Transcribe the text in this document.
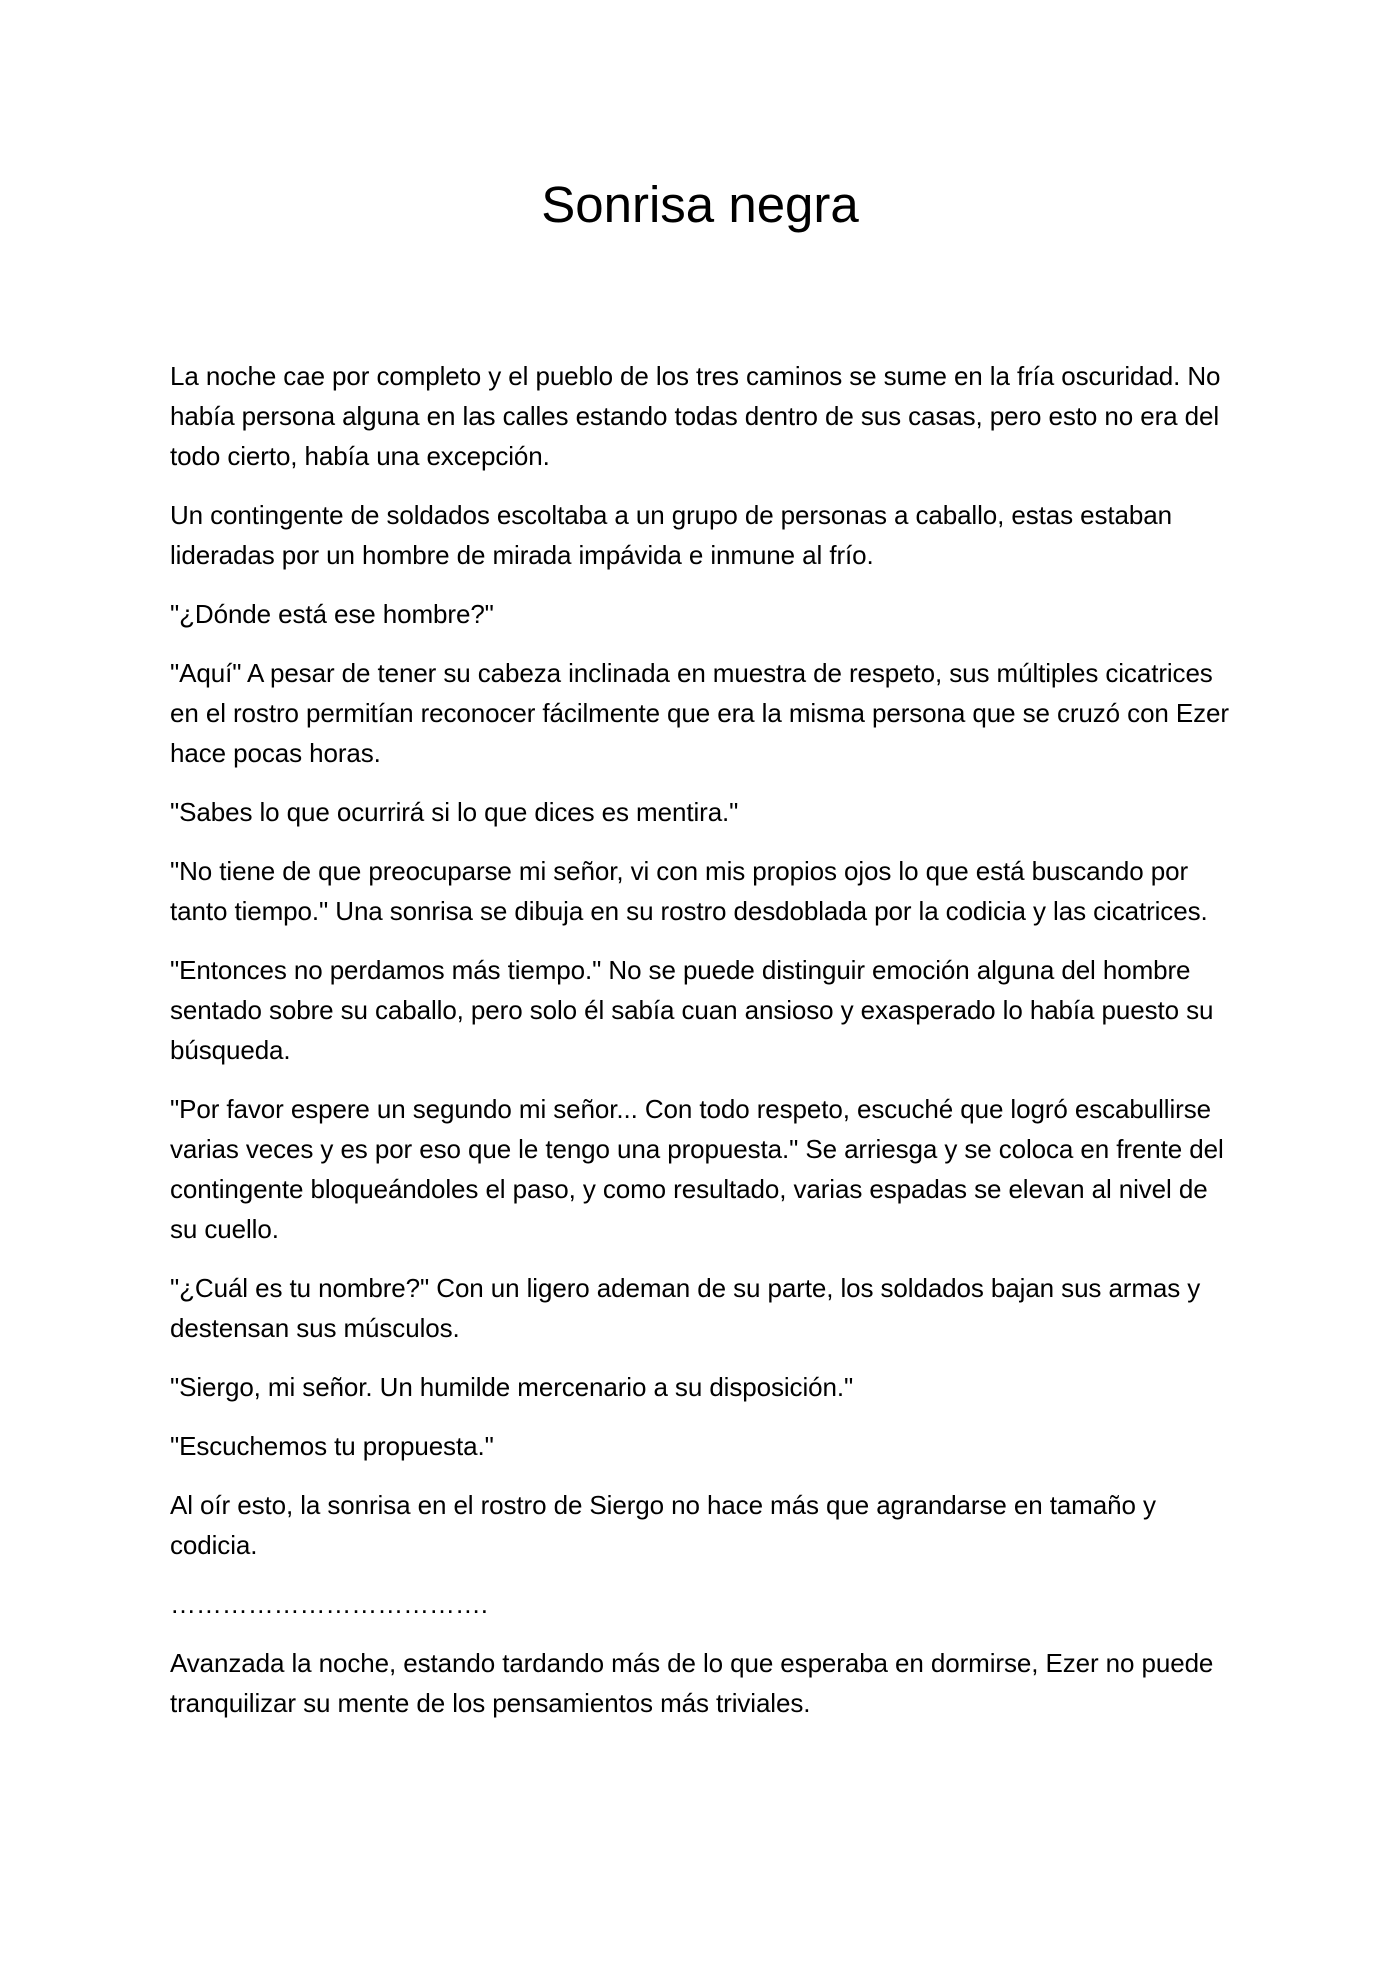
Sonrisa negra

La noche cae por completo y el pueblo de los tres caminos se sume en la fría oscuridad. No había persona alguna en las calles estando todas dentro de sus casas, pero esto no era del todo cierto, había una excepción.

Un contingente de soldados escoltaba a un grupo de personas a caballo, estas estaban lideradas por un hombre de mirada impávida e inmune al frío.

"¿Dónde está ese hombre?"

"Aquí" A pesar de tener su cabeza inclinada en muestra de respeto, sus múltiples cicatrices en el rostro permitían reconocer fácilmente que era la misma persona que se cruzó con Ezer hace pocas horas.

"Sabes lo que ocurrirá si lo que dices es mentira."

"No tiene de que preocuparse mi señor, vi con mis propios ojos lo que está buscando por tanto tiempo." Una sonrisa se dibuja en su rostro desdoblada por la codicia y las cicatrices.

"Entonces no perdamos más tiempo." No se puede distinguir emoción alguna del hombre sentado sobre su caballo, pero solo él sabía cuan ansioso y exasperado lo había puesto su búsqueda.

"Por favor espere un segundo mi señor... Con todo respeto, escuché que logró escabullirse varias veces y es por eso que le tengo una propuesta." Se arriesga y se coloca en frente del contingente bloqueándoles el paso, y como resultado, varias espadas se elevan al nivel de su cuello.

"¿Cuál es tu nombre?" Con un ligero ademan de su parte, los soldados bajan sus armas y destensan sus músculos.

"Siergo, mi señor. Un humilde mercenario a su disposición."

"Escuchemos tu propuesta."

Al oír esto, la sonrisa en el rostro de Siergo no hace más que agrandarse en tamaño y codicia.

……………………………….

Avanzada la noche, estando tardando más de lo que esperaba en dormirse, Ezer no puede tranquilizar su mente de los pensamientos más triviales.
